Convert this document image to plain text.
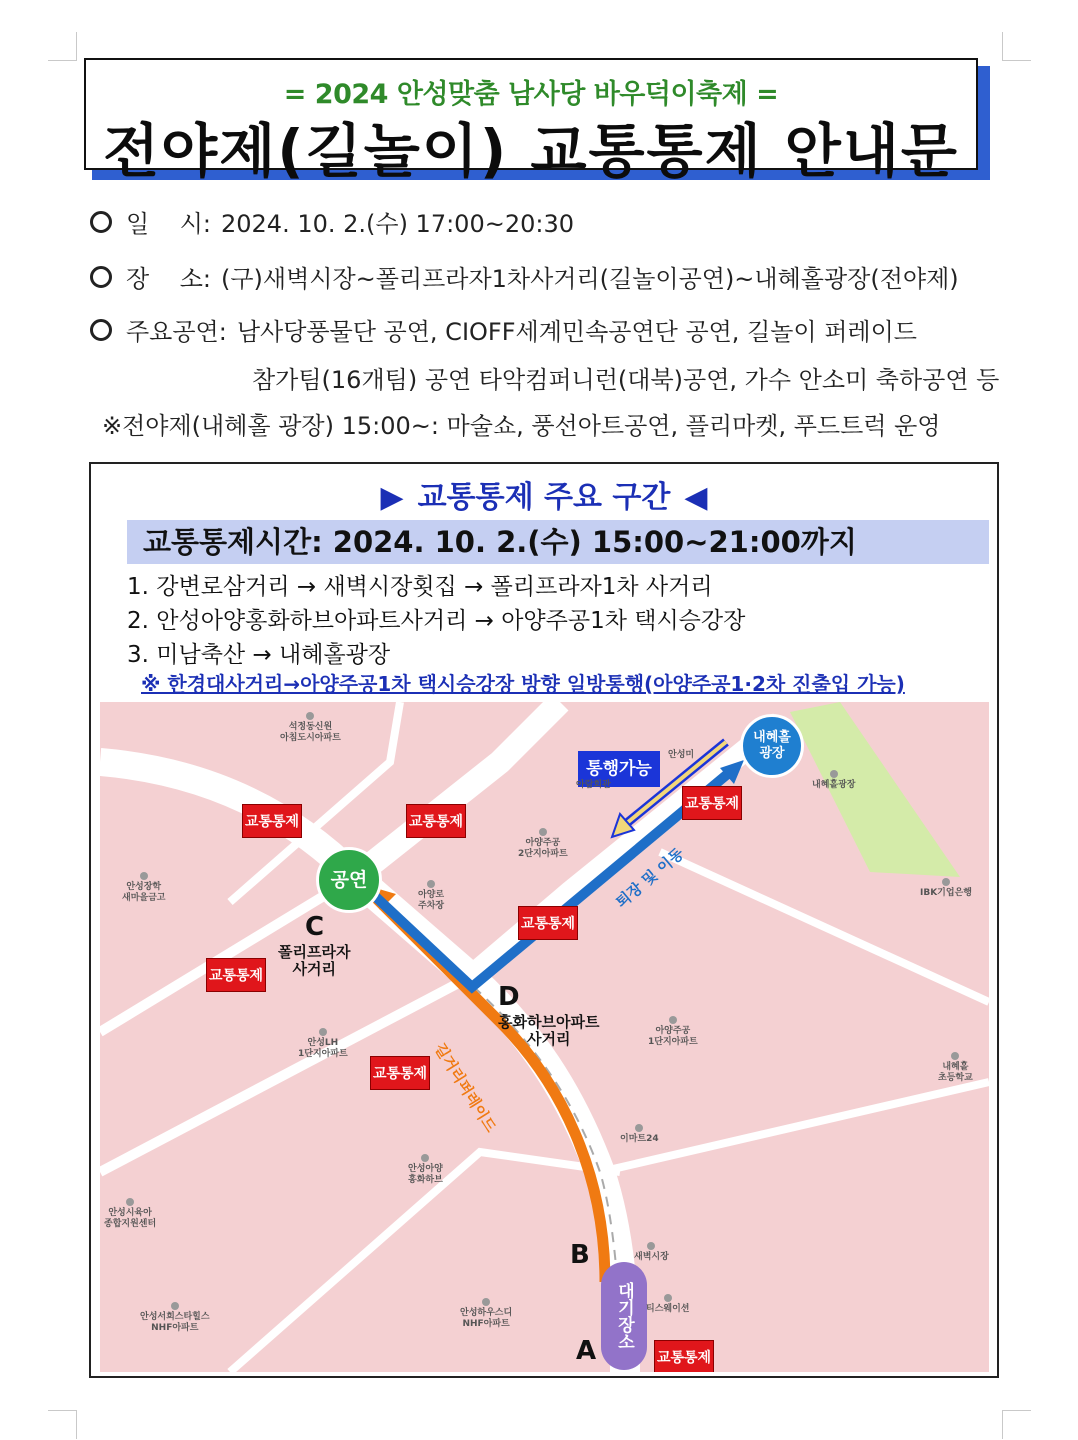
= 2024 안성맞춤 남사당 바우덕이축제 =
전야제(길놀이) 교통통제 안내문
일    시: 2024. 10. 2.(수) 17:00~20:30
장    소: (구)새벽시장~폴리프라자1차사거리(길놀이공연)~내혜홀광장(전야제)
주요공연: 남사당풍물단 공연, CIOFF세계민속공연단 공연, 길놀이 퍼레이드
참가팀(16개팀) 공연 타악컴퍼니런(대북)공연, 가수 안소미 축하공연 등
※전야제(내혜홀 광장) 15:00~: 마술쇼, 풍선아트공연, 플리마켓, 푸드트럭 운영
▶ 교통통제 주요 구간 ◀
교통통제시간: 2024. 10. 2.(수) 15:00~21:00까지
1. 강변로삼거리 → 새벽시장횟집 → 폴리프라자1차 사거리
2. 안성아양홍화하브아파트사거리 → 아양주공1차 택시승강장
3. 미남축산 → 내혜홀광장
※ 한경대사거리→아양주공1차 택시승강장 방향 일방통행(아양주공1·2차 진출입 가능)
통행가능
공연
내혜홀
광장
퇴장 및 이동
길거리퍼레이드
대기장소
교통통제	교통통제
교통통제
교통통제
교통통제
교통통제
교통통제
C
폴리프라자
사거리
D
홍화하브아파트
사거리
B
A
석정동신원
아침도시아파트
안성장학
새마을금고
아양주공
2단지아파트
아양로
주차장
내혜홀광장
IBK기업은행
안성LH
1단지아파트
아양주공
1단지아파트
내혜홀
초등학교
이마트24
안성아양
홍화하브
안성시육아
종합지원센터
새벽시장
안성서희스타힐스
NHF아파트
안성하우스디
NHF아파트
티스웨이션
아람회관
안성미
